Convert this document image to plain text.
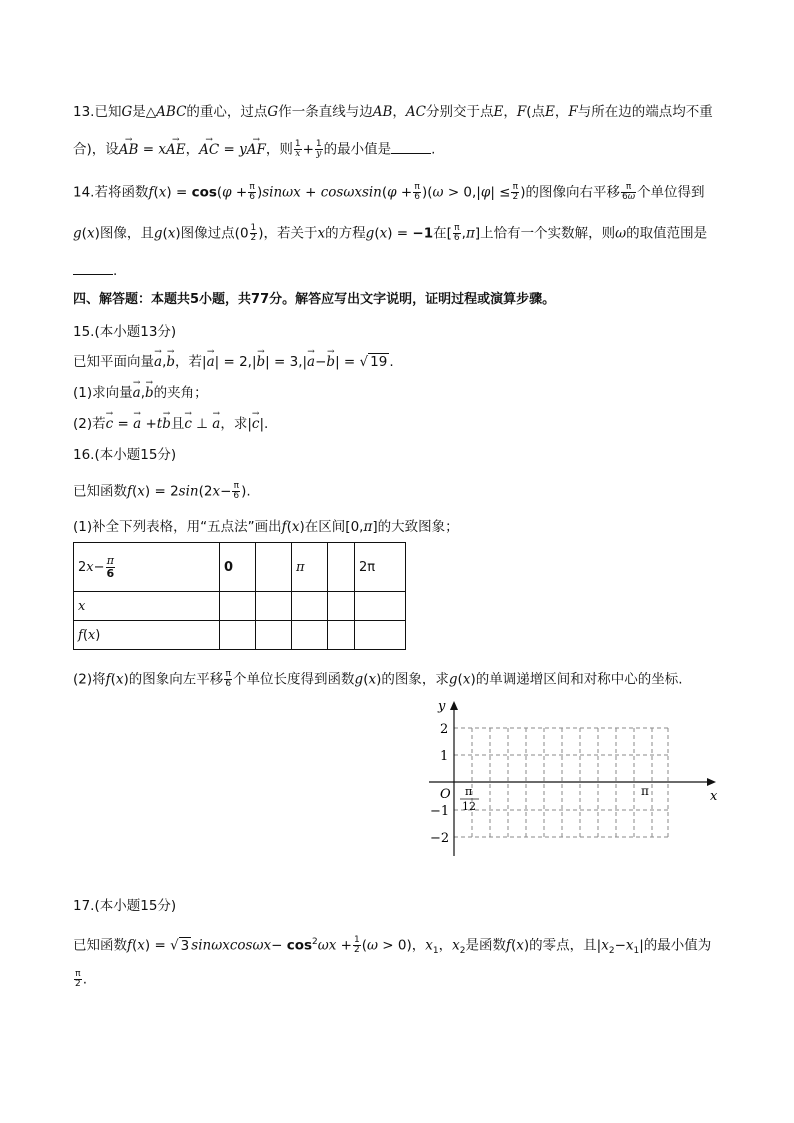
13.已知G是△ABC的重心，过点G作一条直线与边AB，AC分别交于点E，F(点E，F与所在边的端点均不重
合)，设→ AB = x→ AE，→ AC = y→ AF，则 $\frac{1}{x} + \frac{1}{y}$ 的最小值是	.
14.若将函数$f(x) = \cos(\varphi + \frac{\pi}{6} )\sin\omega x + \cos\omega xsin(\varphi + \frac{\pi}{6} )(\omega > 0,|\varphi| \le \frac{\pi}{2}$ )的图像向右平移 $\frac{\pi}{6\omega}$ 个单位得到
g(x)图像，且g(x)图像过点($0 \frac{1}{2}$ )，若关于x的方程g(x) = −1在[ $\frac{\pi}{6} ,\pi$]上恰有一个实数解，则ω的取值范围是
.
四、解答题：本题共5小题，共77分。解答应写出文字说明，证明过程或演算步骤。
15.(本小题13分)
已知平面向量→ a,→ b，若|→ a| = 2,|→ b| = 3,|→ a−→ b| = √ 19 .
(1)求向量→ a,→ b的夹角；
(2)若→ c = → a +t→ b且→ c ⊥ → a，求|→ c|.
16.(本小题15分)
已知函数$f(x) = 2\sin(2x- \frac{\pi}{6}$ ).
(1)补全下列表格，用“五点法”画出f(x)在区间[0,π]的大致图象；
$2x- \frac{\pi}{6}$	0		π		2π
x					
f(x)					
(2)将f(x)的图象向左平移 $\frac{\pi}{6}$ 个单位长度得到函数g(x)的图象，求g(x)的单调递增区间和对称中心的坐标.
y
x
O
2
1
−1
−2
π
12
π
17.(本小题15分)
已知函数f(x) = √ 3 $\sin\omega xcos\omega x- \cos^2\omega x + \frac{1}{2} (\omega > 0)$，$x_1$，$x_2$是函数f(x)的零点，且$|x_2-x_1|$的最小值为
$\frac{\pi}{2}$ .
